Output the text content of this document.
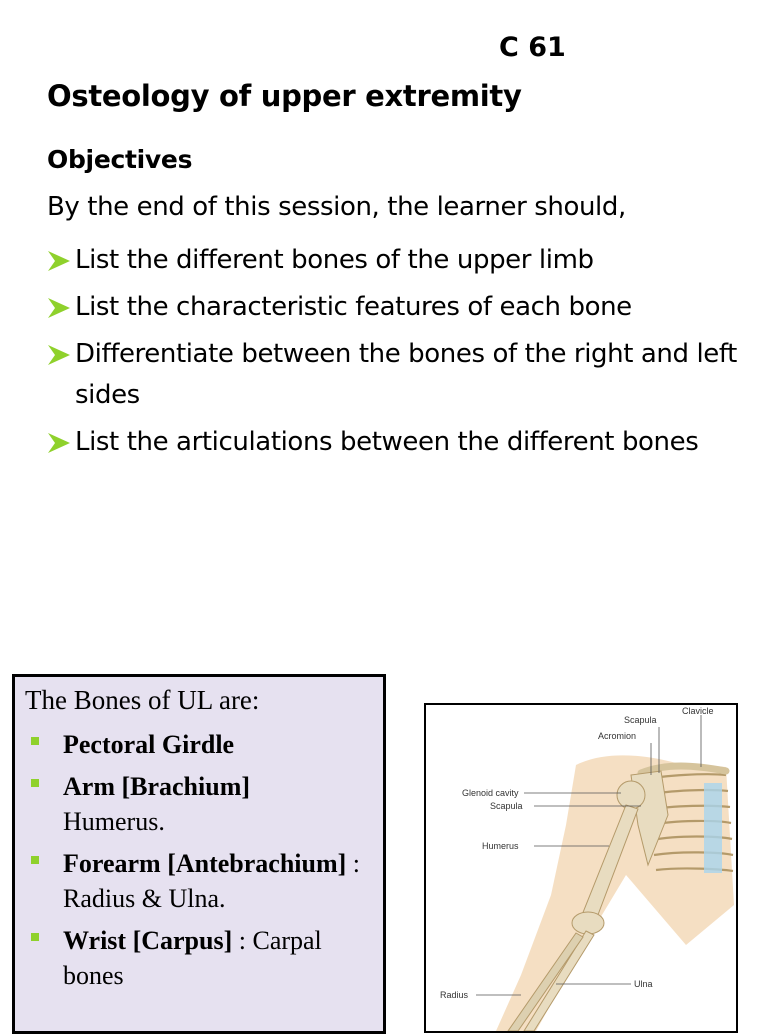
C 61
Osteology of upper extremity
Objectives
By the end of this session, the learner should,
List the different bones of the upper limb
List the characteristic features of each bone
Differentiate between the bones of the right and left sides
List the articulations between the different bones
The Bones of UL are:
Pectoral Girdle
Arm [Brachium]
Humerus.
Forearm [Antebrachium] : Radius & Ulna.
Wrist [Carpus] : Carpal bones
Clavicle
Scapula
Acromion
Glenoid cavity
Scapula
Humerus
Ulna
Radius
